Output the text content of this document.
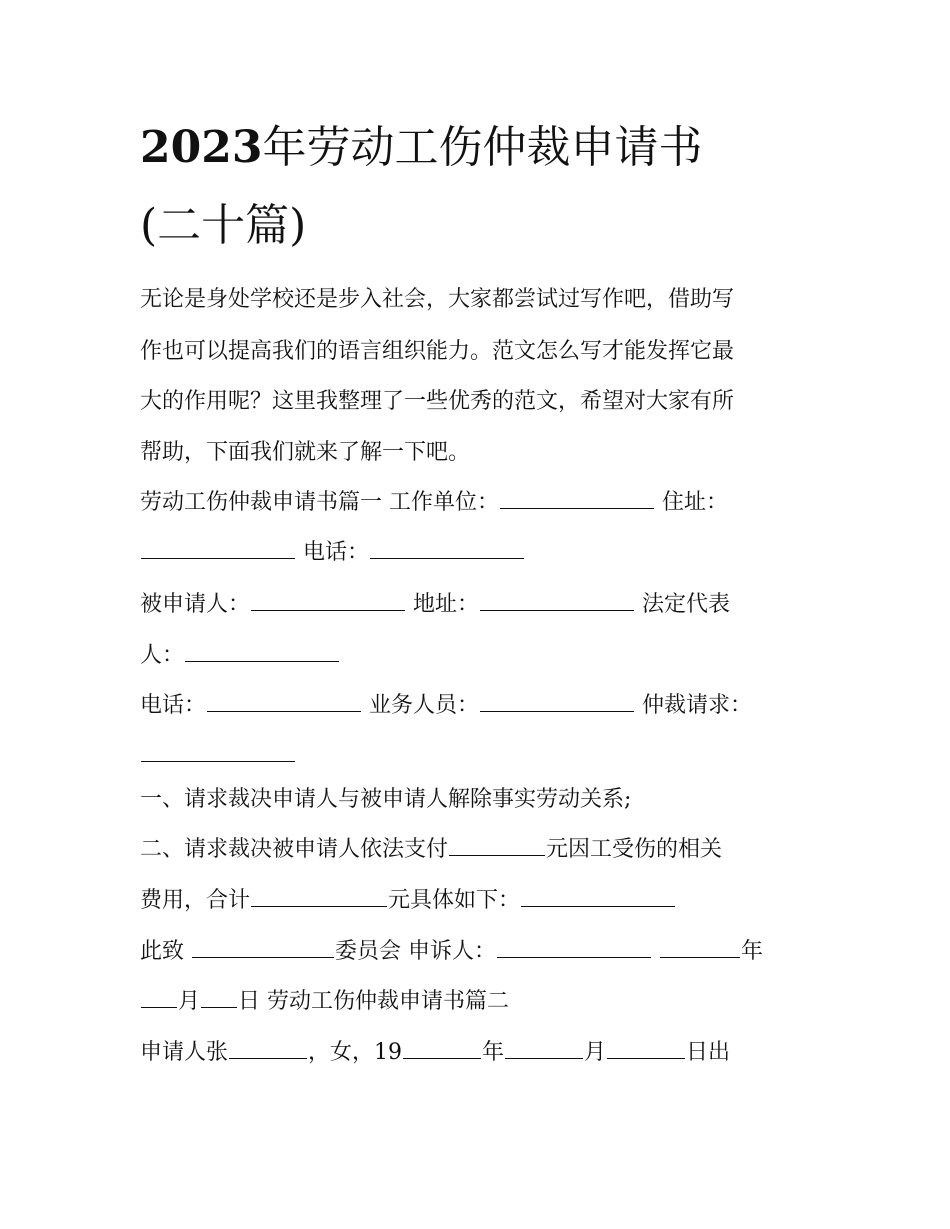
2023年劳动工伤仲裁申请书
(二十篇)
无论是身处学校还是步入社会，大家都尝试过写作吧，借助写
作也可以提高我们的语言组织能力。范文怎么写才能发挥它最
大的作用呢？这里我整理了一些优秀的范文，希望对大家有所
帮助，下面我们就来了解一下吧。
劳动工伤仲裁申请书篇一 工作单位：	住址：
电话：
被申请人：	地址：	法定代表
人：
电话：	业务人员：	仲裁请求：
一、请求裁决申请人与被申请人解除事实劳动关系;
二、请求裁决被申请人依法支付	元因工受伤的相关
费用，合计	元具体如下：
此致	委员会 申诉人：	年
月 日 劳动工伤仲裁申请书篇二
申请人张	，女，19	年	月	日出
